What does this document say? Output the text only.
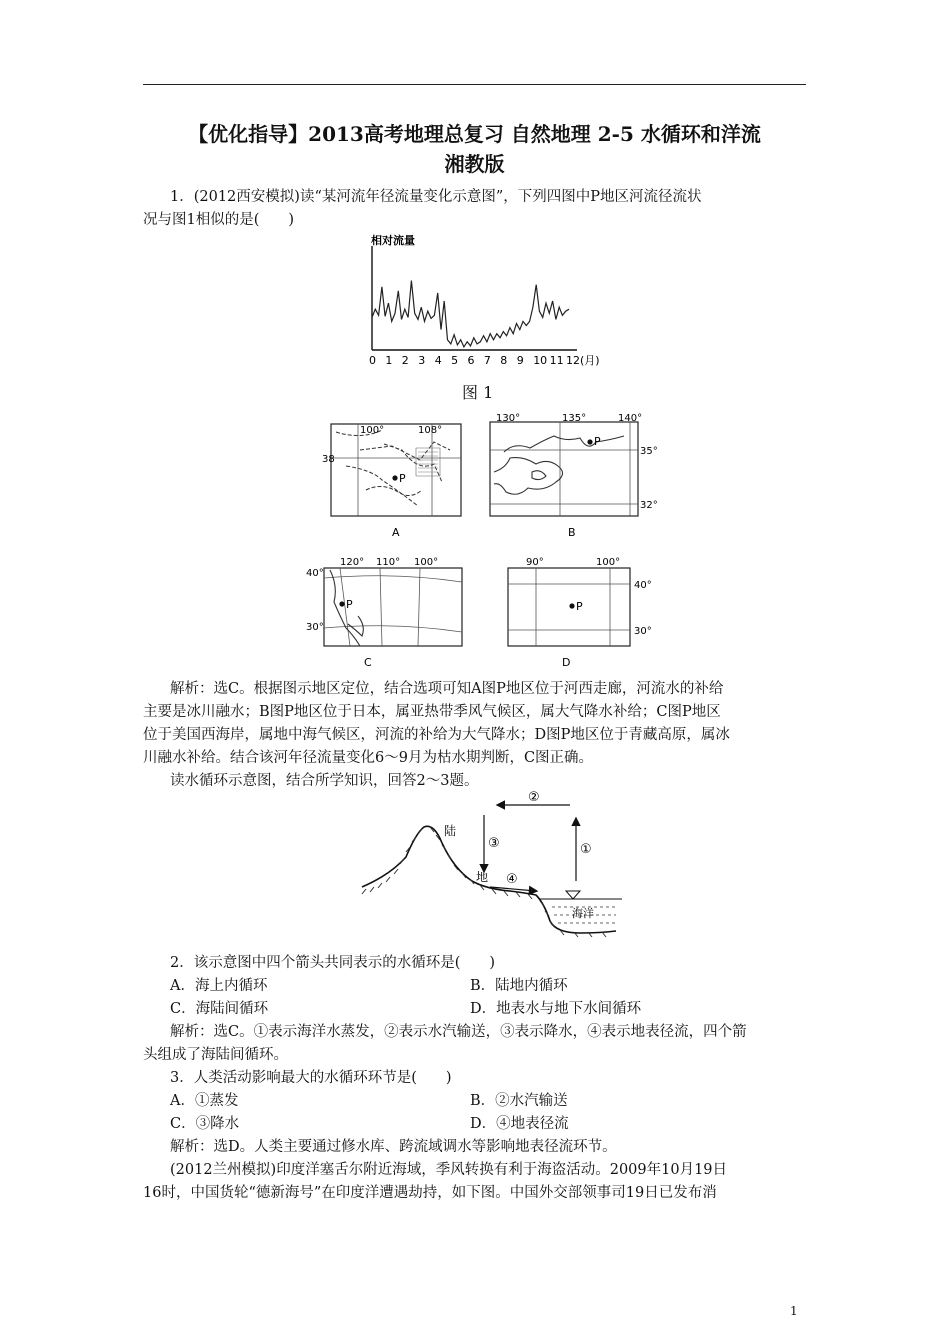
【优化指导】2013高考地理总复习 自然地理 2-5 水循环和洋流
湘教版
1．(2012西安模拟)读“某河流年径流量变化示意图”，下列四图中P地区河流径流状
况与图1相似的是(　　)
相对流量
0 1 2 3 4 5 6 7 8 9 10 11 12(月)
图 1
100°	108°
38
P
A
130°	135°	140°
35°
32°
P
B
120° 110° 100°
40°
30°
P
C
90°	100°
40°
30°
P
D
解析：选C。根据图示地区定位，结合选项可知A图P地区位于河西走廊，河流水的补给
主要是冰川融水；B图P地区位于日本，属亚热带季风气候区，属大气降水补给；C图P地区
位于美国西海岸，属地中海气候区，河流的补给为大气降水；D图P地区位于青藏高原，属冰
川融水补给。结合该河年径流量变化6～9月为枯水期判断，C图正确。
读水循环示意图，结合所学知识，回答2～3题。
海洋
陆
地
②
③	①
④
2．该示意图中四个箭头共同表示的水循环是(　　)
A．海上内循环	B．陆地内循环
C．海陆间循环	D．地表水与地下水间循环
解析：选C。①表示海洋水蒸发，②表示水汽输送，③表示降水，④表示地表径流，四个箭
头组成了海陆间循环。
3．人类活动影响最大的水循环环节是(　　)
A．①蒸发	B．②水汽输送
C．③降水	D．④地表径流
解析：选D。人类主要通过修水库、跨流域调水等影响地表径流环节。
(2012兰州模拟)印度洋塞舌尔附近海域，季风转换有利于海盗活动。2009年10月19日
16时，中国货轮“德新海号”在印度洋遭遇劫持，如下图。中国外交部领事司19日已发布消
1
